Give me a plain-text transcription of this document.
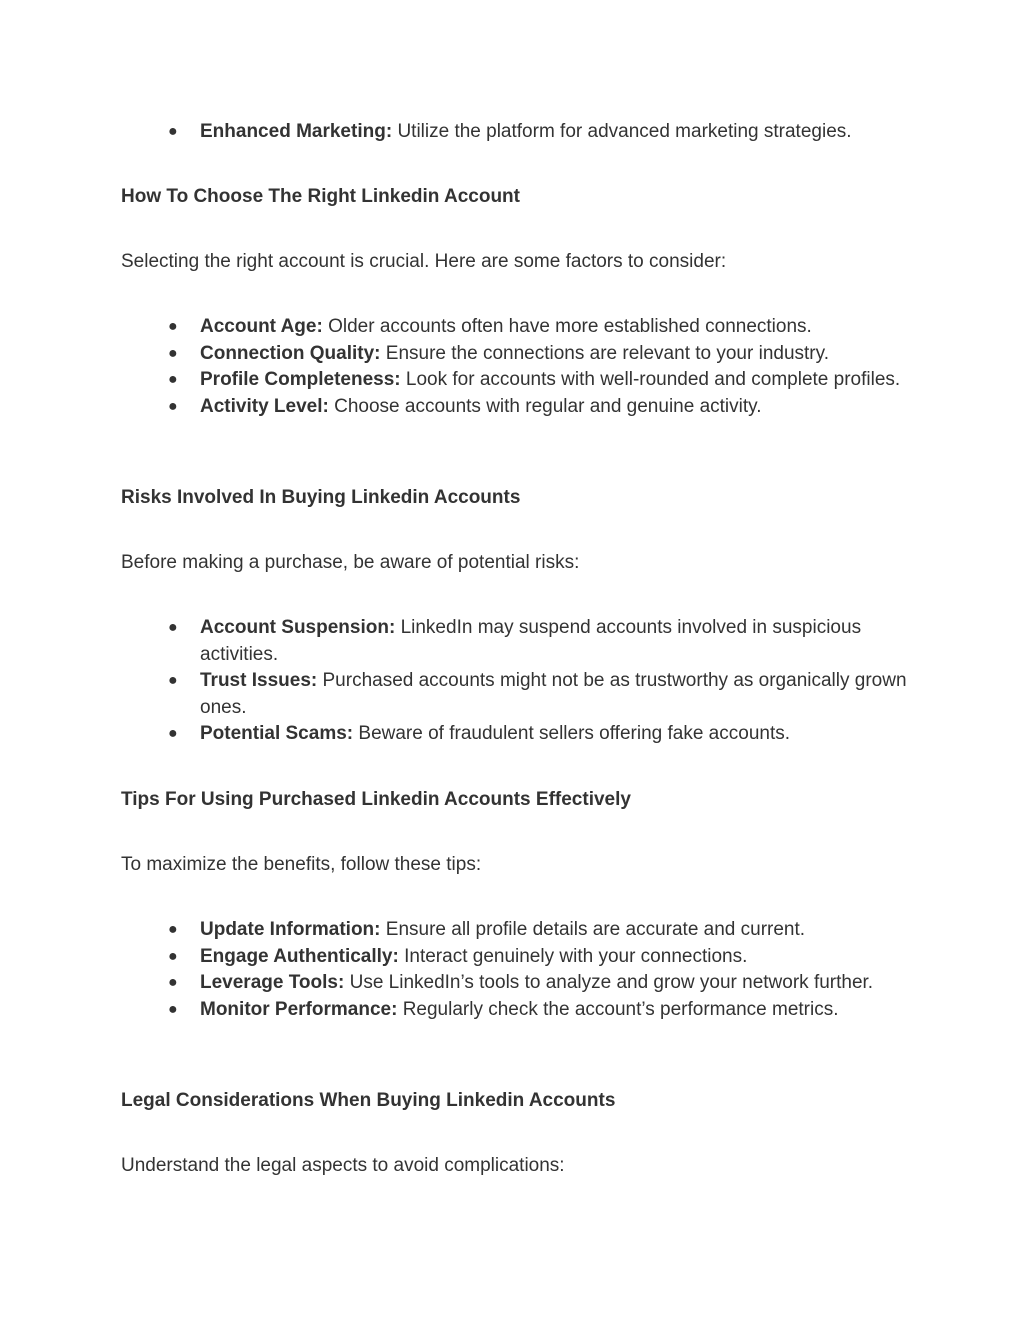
● Enhanced Marketing: Utilize the platform for advanced marketing strategies.

How To Choose The Right Linkedin Account

Selecting the right account is crucial. Here are some factors to consider:

● Account Age: Older accounts often have more established connections.
● Connection Quality: Ensure the connections are relevant to your industry.
● Profile Completeness: Look for accounts with well-rounded and complete profiles.
● Activity Level: Choose accounts with regular and genuine activity.

Risks Involved In Buying Linkedin Accounts

Before making a purchase, be aware of potential risks:

● Account Suspension: LinkedIn may suspend accounts involved in suspicious activities.
● Trust Issues: Purchased accounts might not be as trustworthy as organically grown ones.
● Potential Scams: Beware of fraudulent sellers offering fake accounts.

Tips For Using Purchased Linkedin Accounts Effectively

To maximize the benefits, follow these tips:

● Update Information: Ensure all profile details are accurate and current.
● Engage Authentically: Interact genuinely with your connections.
● Leverage Tools: Use LinkedIn’s tools to analyze and grow your network further.
● Monitor Performance: Regularly check the account’s performance metrics.

Legal Considerations When Buying Linkedin Accounts

Understand the legal aspects to avoid complications:
